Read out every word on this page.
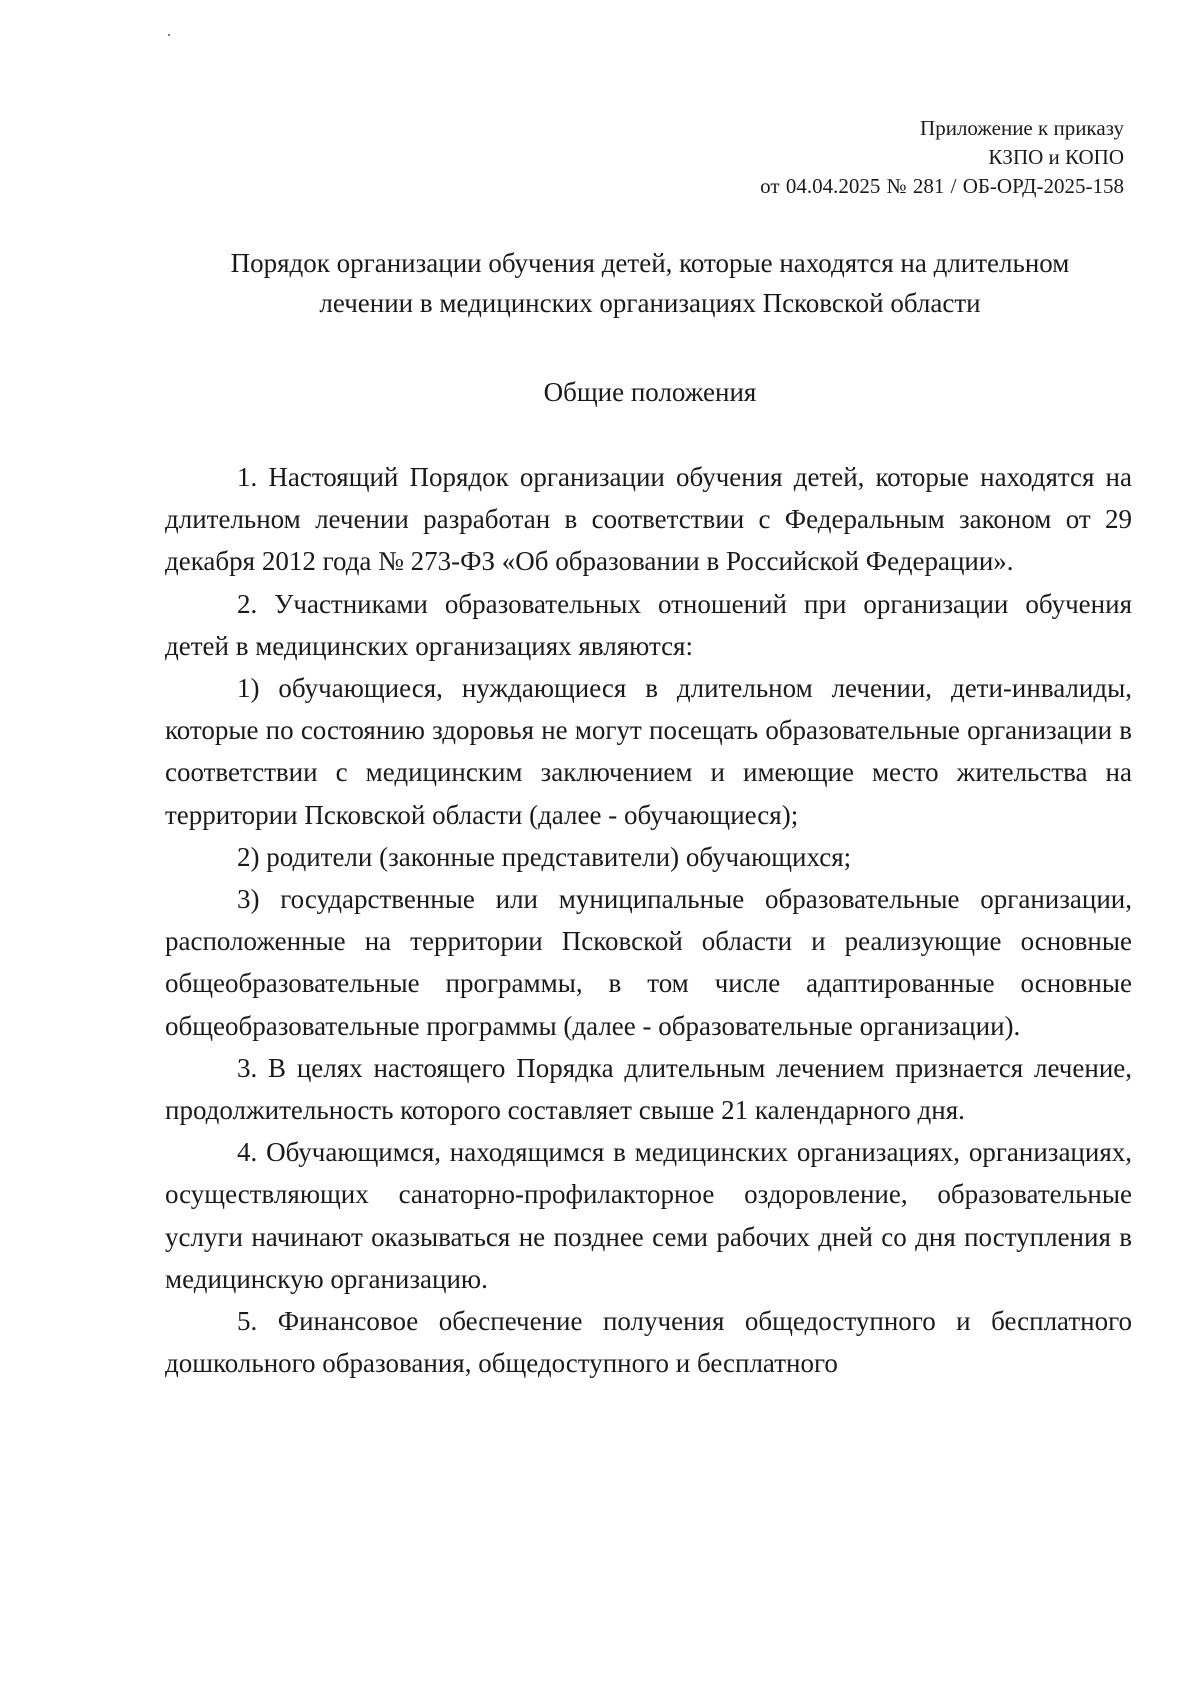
Приложение к приказу
КЗПО и КОПО
от 04.04.2025 № 281 / ОБ-ОРД-2025-158
Порядок организации обучения детей, которые находятся на длительном
лечении в медицинских организациях Псковской области
Общие положения

1. Настоящий Порядок организации обучения детей, которые находятся на длительном лечении разработан в соответствии с Федеральным законом от 29 декабря 2012 года № 273-ФЗ «Об образовании в Российской Федерации».

2. Участниками образовательных отношений при организации обучения детей в медицинских организациях являются:

1) обучающиеся, нуждающиеся в длительном лечении, дети-инвалиды, которые по состоянию здоровья не могут посещать образовательные организации в соответствии с медицинским заключением и имеющие место жительства на территории Псковской области (далее - обучающиеся);

2) родители (законные представители) обучающихся;

3) государственные или муниципальные образовательные организации, расположенные на территории Псковской области и реализующие основные общеобразовательные программы, в том числе адаптированные основные общеобразовательные программы (далее - образовательные организации).

3. В целях настоящего Порядка длительным лечением признается лечение, продолжительность которого составляет свыше 21 календарного дня.

4. Обучающимся, находящимся в медицинских организациях, организациях, осуществляющих санаторно-профилакторное оздоровление, образовательные услуги начинают оказываться не позднее семи рабочих дней со дня поступления в медицинскую организацию.

5. Финансовое обеспечение получения общедоступного и бесплатного дошкольного образования, общедоступного и бесплатного
